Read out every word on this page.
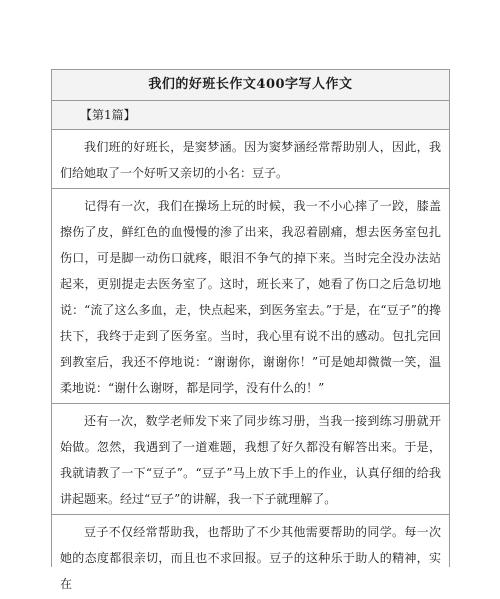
我们的好班长作文400字写人作文
【第1篇】
我们班的好班长，是窦梦涵。因为窦梦涵经常帮助别人，因此，我们给她取了一个好听又亲切的小名：豆子。
记得有一次，我们在操场上玩的时候，我一不小心摔了一跤，膝盖擦伤了皮，鲜红色的血慢慢的渗了出来，我忍着剧痛，想去医务室包扎伤口，可是脚一动伤口就疼，眼泪不争气的掉下来。当时完全没办法站起来，更别提走去医务室了。这时，班长来了，她看了伤口之后急切地说：“流了这么多血，走，快点起来，到医务室去。”于是，在“豆子”的搀扶下，我终于走到了医务室。当时，我心里有说不出的感动。包扎完回到教室后，我还不停地说：“谢谢你，谢谢你！”可是她却微微一笑，温柔地说：“谢什么谢呀，都是同学，没有什么的！”
还有一次，数学老师发下来了同步练习册，当我一接到练习册就开始做。忽然，我遇到了一道难题，我想了好久都没有解答出来。于是，我就请教了一下“豆子”。“豆子”马上放下手上的作业，认真仔细的给我讲起题来。经过“豆子”的讲解，我一下子就理解了。
豆子不仅经常帮助我，也帮助了不少其他需要帮助的同学。每一次她的态度都很亲切，而且也不求回报。豆子的这种乐于助人的精神，实在
